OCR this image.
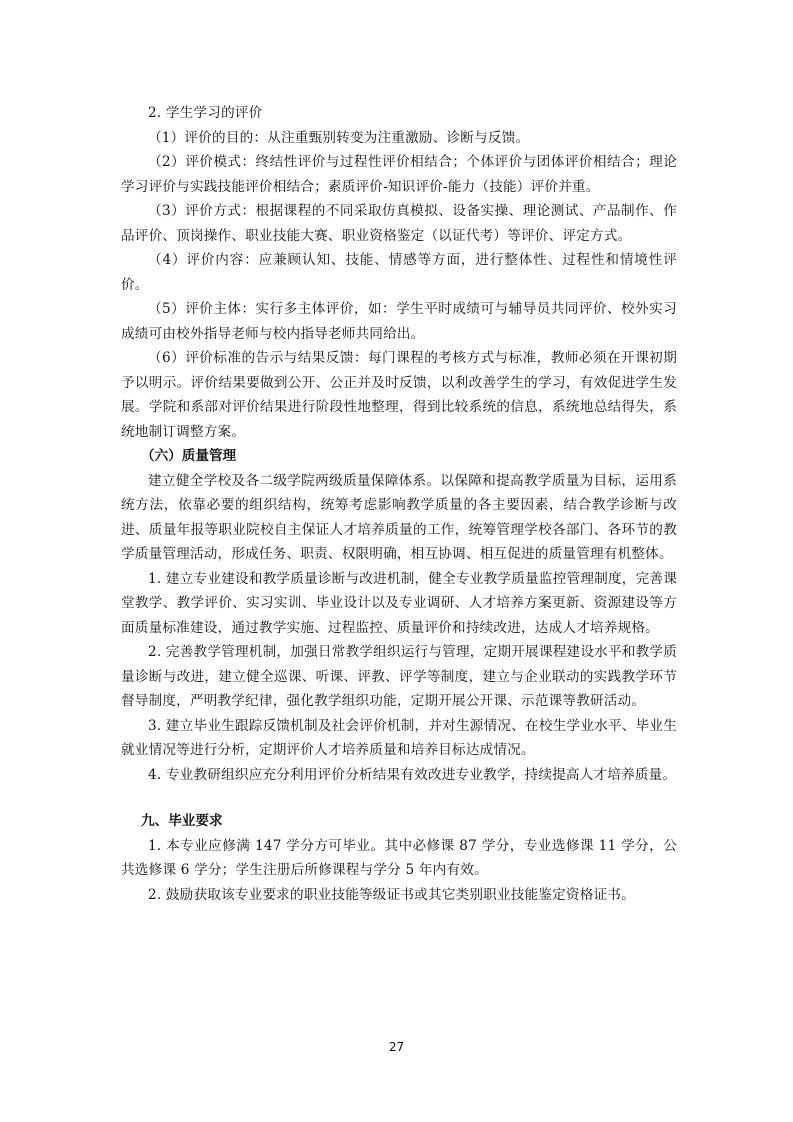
2. 学生学习的评价

（1）评价的目的：从注重甄别转变为注重激励、诊断与反馈。

（2）评价模式：终结性评价与过程性评价相结合；个体评价与团体评价相结合；理论学习评价与实践技能评价相结合；素质评价-知识评价-能力（技能）评价并重。

（3）评价方式：根据课程的不同采取仿真模拟、设备实操、理论测试、产品制作、作品评价、顶岗操作、职业技能大赛、职业资格鉴定（以证代考）等评价、评定方式。

（4）评价内容：应兼顾认知、技能、情感等方面，进行整体性、过程性和情境性评价。

（5）评价主体：实行多主体评价，如：学生平时成绩可与辅导员共同评价、校外实习成绩可由校外指导老师与校内指导老师共同给出。

（6）评价标准的告示与结果反馈：每门课程的考核方式与标准，教师必须在开课初期予以明示。评价结果要做到公开、公正并及时反馈，以利改善学生的学习，有效促进学生发展。学院和系部对评价结果进行阶段性地整理，得到比较系统的信息，系统地总结得失，系统地制订调整方案。

（六）质量管理

建立健全学校及各二级学院两级质量保障体系。以保障和提高教学质量为目标，运用系统方法，依靠必要的组织结构，统筹考虑影响教学质量的各主要因素，结合教学诊断与改进、质量年报等职业院校自主保证人才培养质量的工作，统筹管理学校各部门、各环节的教学质量管理活动，形成任务、职责、权限明确，相互协调、相互促进的质量管理有机整体。

1. 建立专业建设和教学质量诊断与改进机制，健全专业教学质量监控管理制度，完善课堂教学、教学评价、实习实训、毕业设计以及专业调研、人才培养方案更新、资源建设等方面质量标准建设，通过教学实施、过程监控、质量评价和持续改进，达成人才培养规格。

2. 完善教学管理机制，加强日常教学组织运行与管理，定期开展课程建设水平和教学质量诊断与改进，建立健全巡课、听课、评教、评学等制度，建立与企业联动的实践教学环节督导制度，严明教学纪律，强化教学组织功能，定期开展公开课、示范课等教研活动。

3. 建立毕业生跟踪反馈机制及社会评价机制，并对生源情况、在校生学业水平、毕业生就业情况等进行分析，定期评价人才培养质量和培养目标达成情况。

4. 专业教研组织应充分利用评价分析结果有效改进专业教学，持续提高人才培养质量。

九、毕业要求

1. 本专业应修满 147 学分方可毕业。其中必修课 87 学分，专业选修课 11 学分，公共选修课 6 学分；学生注册后所修课程与学分 5 年内有效。

2. 鼓励获取该专业要求的职业技能等级证书或其它类别职业技能鉴定资格证书。

27
